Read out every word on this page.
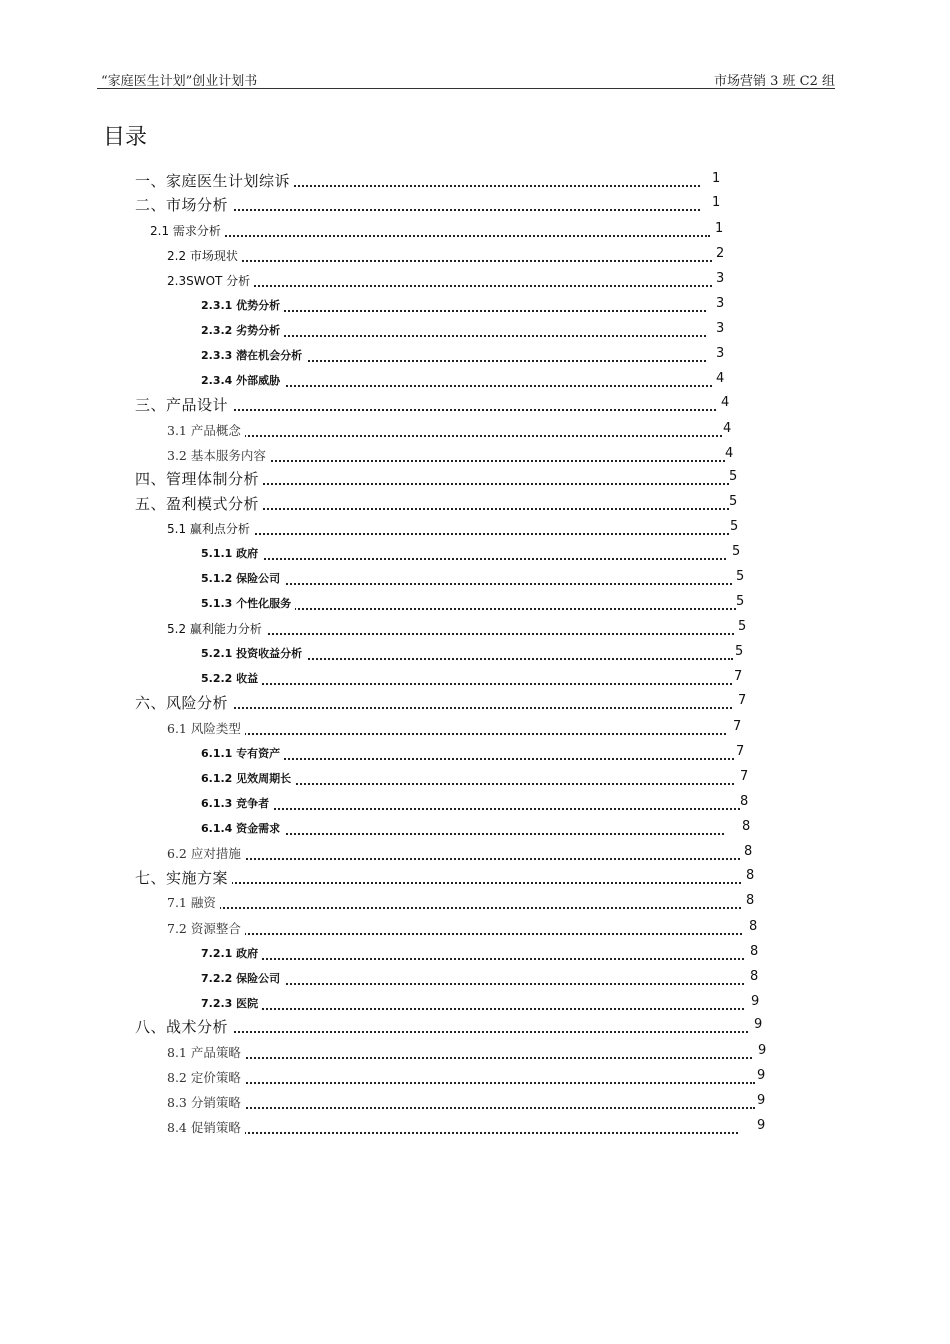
“家庭医生计划”创业计划书	市场营销 3 班 C2 组
目录
一、家庭医生计划综诉	1
二、市场分析	1
2.1 需求分析	1
2.2 市场现状	2
2.3SWOT 分析	3
2.3.1 优势分析	3
2.3.2 劣势分析	3
2.3.3 潜在机会分析	3
2.3.4 外部威胁	4
三、产品设计	4
3.1 产品概念	4
3.2 基本服务内容	4
四、管理体制分析	5
五、盈利模式分析	5
5.1 赢利点分析	5
5.1.1 政府	5
5.1.2 保险公司	5
5.1.3 个性化服务	5
5.2 赢利能力分析	5
5.2.1 投资收益分析	5
5.2.2 收益	7
六、风险分析	7
6.1 风险类型	7
6.1.1 专有资产	7
6.1.2 见效周期长	7
6.1.3 竞争者	8
6.1.4 资金需求	8
6.2 应对措施	8
七、实施方案	8
7.1 融资	8
7.2 资源整合	8
7.2.1 政府	8
7.2.2 保险公司	8
7.2.3 医院	9
八、战术分析	9
8.1 产品策略	9
8.2 定价策略	9
8.3 分销策略	9
8.4 促销策略	9
